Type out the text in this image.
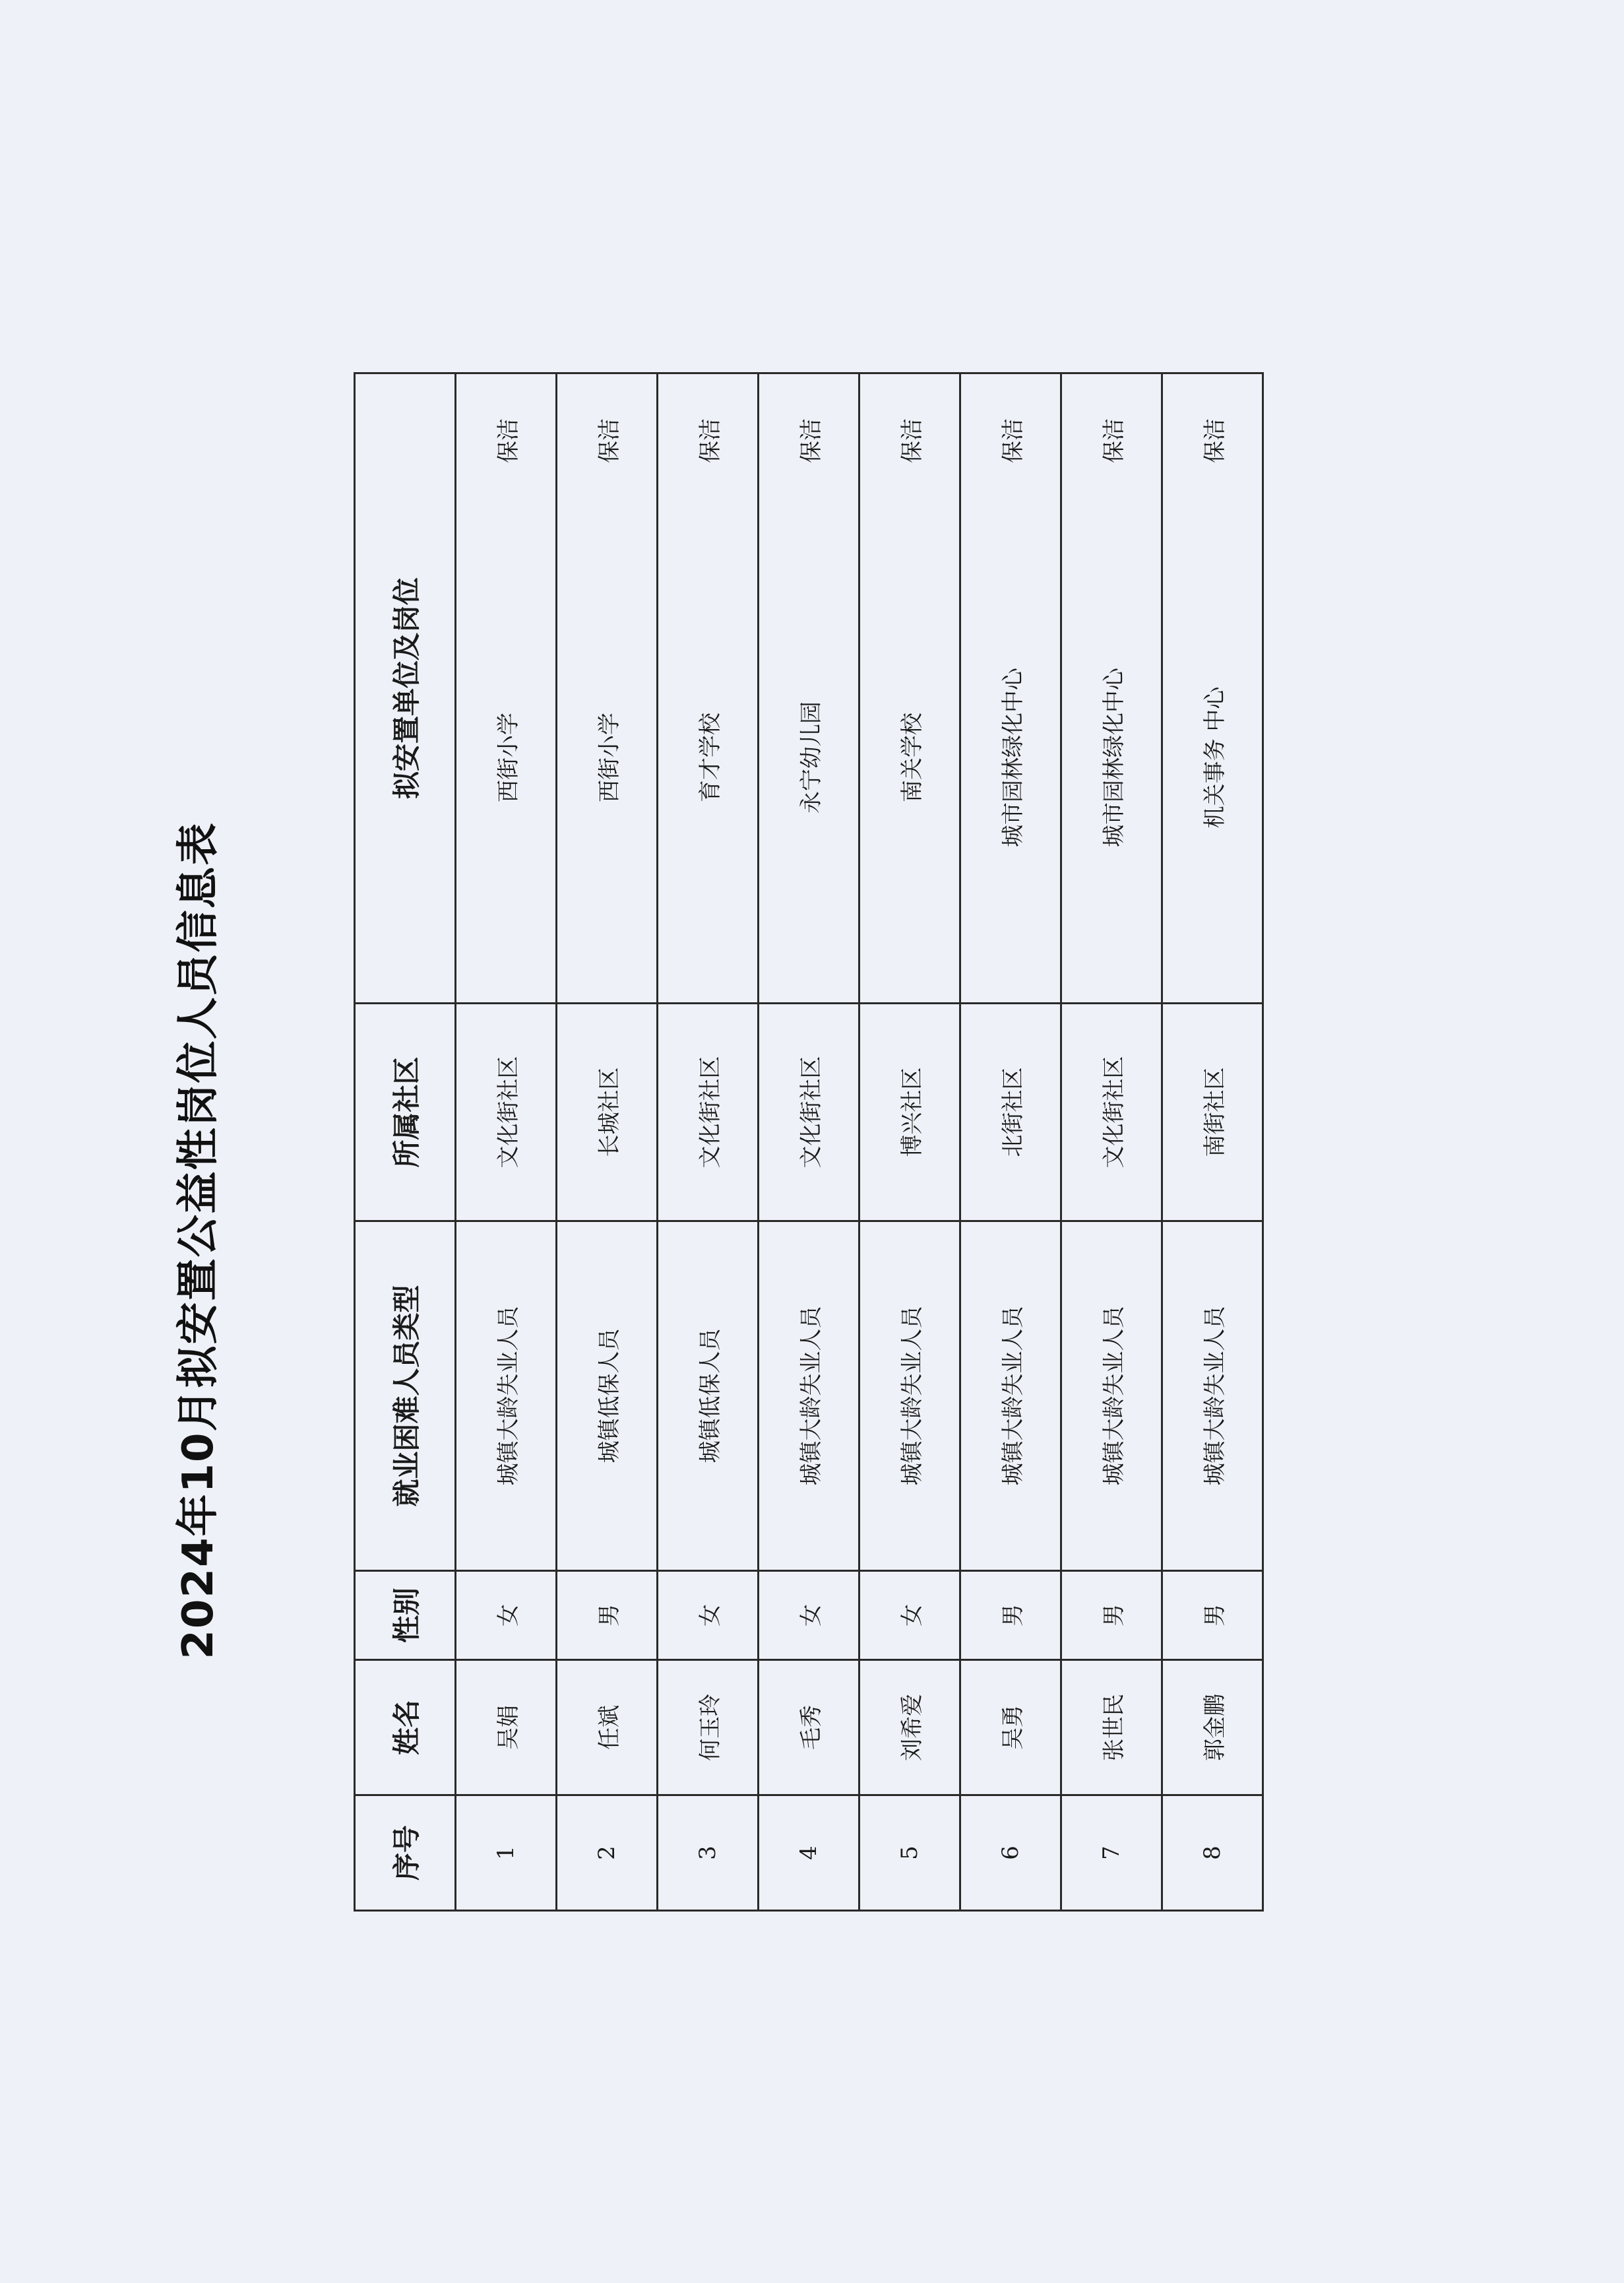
2024年10月拟安置公益性岗位人员信息表
序号	姓名	性别	就业困难人员类型	所属社区	拟安置单位及岗位
1	吴娟	女	城镇大龄失业人员	文化街社区	西街小学保洁
2	任斌	男	城镇低保人员	长城社区	西街小学保洁
3	何玉玲	女	城镇低保人员	文化街社区	育才学校保洁
4	毛秀	女	城镇大龄失业人员	文化街社区	永宁幼儿园保洁
5	刘希爱	女	城镇大龄失业人员	博兴社区	南关学校保洁
6	吴勇	男	城镇大龄失业人员	北街社区	城市园林绿化中心保洁
7	张世民	男	城镇大龄失业人员	文化街社区	城市园林绿化中心保洁
8	郭金鹏	男	城镇大龄失业人员	南街社区	机关事务 中心保洁
